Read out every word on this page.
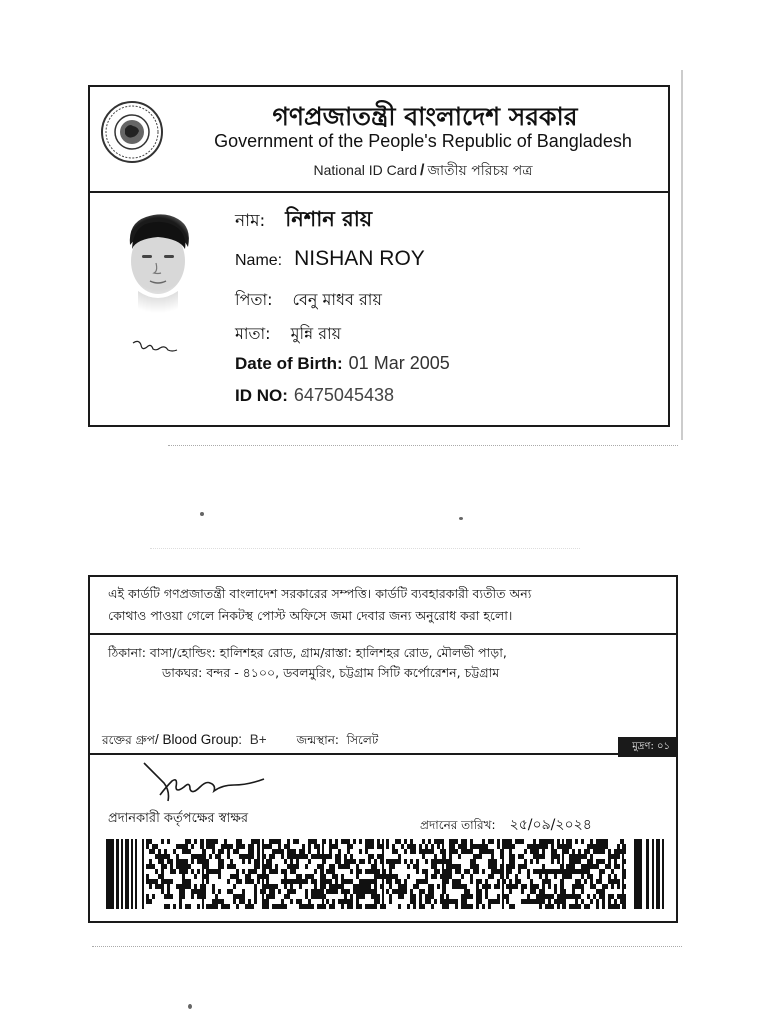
গণপ্রজাতন্ত্রী বাংলাদেশ সরকার
Government of the People's Republic of Bangladesh
National ID Card / জাতীয় পরিচয় পত্র
নাম: নিশান রায়
Name: NISHAN ROY
পিতা: বেনু মাধব রায়
মাতা: মুন্নি রায়
Date of Birth: 01 Mar 2005
ID NO: 6475045438
এই কার্ডটি গণপ্রজাতন্ত্রী বাংলাদেশ সরকারের সম্পত্তি। কার্ডটি ব্যবহারকারী ব্যতীত অন্য
কোথাও পাওয়া গেলে নিকটস্থ পোস্ট অফিসে জমা দেবার জন্য অনুরোধ করা হলো।
ঠিকানা: বাসা/হোল্ডিং: হালিশহর রোড, গ্রাম/রাস্তা: হালিশহর রোড, মৌলভী পাড়া,
ডাকঘর: বন্দর - ৪১০০, ডবলমুরিং, চট্টগ্রাম সিটি কর্পোরেশন, চট্টগ্রাম
রক্তের গ্রুপ/ Blood Group: B+ জন্মস্থান: সিলেট	মুদ্রণ: ০১
প্রদানকারী কর্তৃপক্ষের স্বাক্ষর	প্রদানের তারিখ: ২৫/০৯/২০২৪
